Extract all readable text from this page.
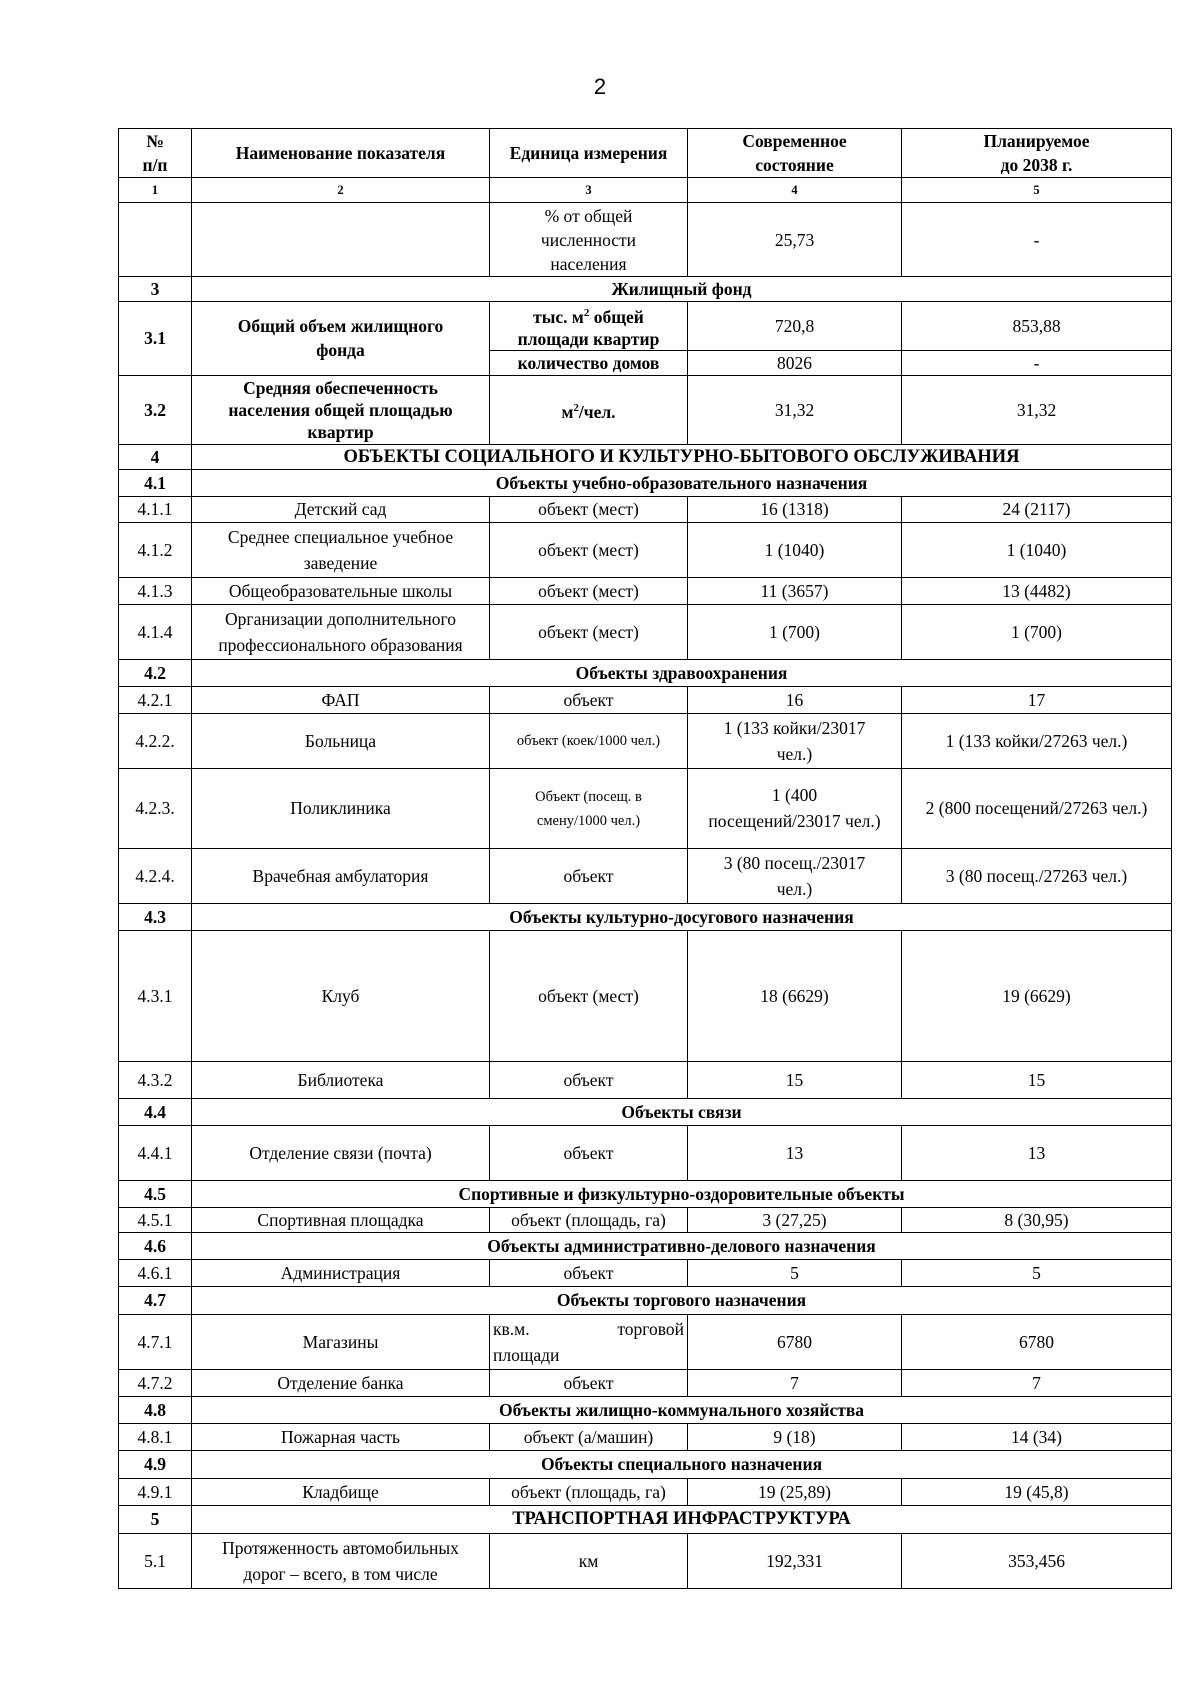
2
№
п/п	Наименование показателя	Единица измерения	Современное
состояние	Планируемое
до 2038 г.
1	2	3	4	5
		% от общей
численности
населения	25,73	-
3	Жилищный фонд			
3.1	Общий объем жилищного
фонда	тыс. $м^2$ общей
площади квартир	720,8	853,88
		количество домов	8026	-
3.2	Средняя обеспеченность
населения общей площадью
квартир	$м^2$/чел.	31,32	31,32
4	ОБЪЕКТЫ СОЦИАЛЬНОГО И КУЛЬТУРНО-БЫТОВОГО ОБСЛУЖИВАНИЯ			
4.1	Объекты учебно-образовательного назначения			
4.1.1	Детский сад	объект (мест)	16 (1318)	24 (2117)
4.1.2	Среднее специальное учебное
заведение	объект (мест)	1 (1040)	1 (1040)
4.1.3	Общеобразовательные школы	объект (мест)	11 (3657)	13 (4482)
4.1.4	Организации дополнительного
профессионального образования	объект (мест)	1 (700)	1 (700)
4.2	Объекты здравоохранения			
4.2.1	ФАП	объект	16	17
4.2.2.	Больница	объект (коек/1000 чел.)	1 (133 койки/23017
чел.)	1 (133 койки/27263 чел.)
4.2.3.	Поликлиника	Объект (посещ. в
смену/1000 чел.)	1 (400
посещений/23017 чел.)	2 (800 посещений/27263 чел.)
4.2.4.	Врачебная амбулатория	объект	3 (80 посещ./23017
чел.)	3 (80 посещ./27263 чел.)
4.3	Объекты культурно-досугового назначения			
4.3.1	Клуб	объект (мест)	18 (6629)	19 (6629)
4.3.2	Библиотека	объект	15	15
4.4	Объекты связи			
4.4.1	Отделение связи (почта)	объект	13	13
4.5	Спортивные и физкультурно-оздоровительные объекты			
4.5.1	Спортивная площадка	объект (площадь, га)	3 (27,25)	8 (30,95)
4.6	Объекты административно-делового назначения			
4.6.1	Администрация	объект	5	5
4.7	Объекты торгового назначения			
4.7.1	Магазины	кв.м. торговой
площади	6780	6780
4.7.2	Отделение банка	объект	7	7
4.8	Объекты жилищно-коммунального хозяйства			
4.8.1	Пожарная часть	объект (а/машин)	9 (18)	14 (34)
4.9	Объекты специального назначения			
4.9.1	Кладбище	объект (площадь, га)	19 (25,89)	19 (45,8)
5	ТРАНСПОРТНАЯ ИНФРАСТРУКТУРА			
5.1	Протяженность автомобильных
дорог – всего, в том числе	км	192,331	353,456
